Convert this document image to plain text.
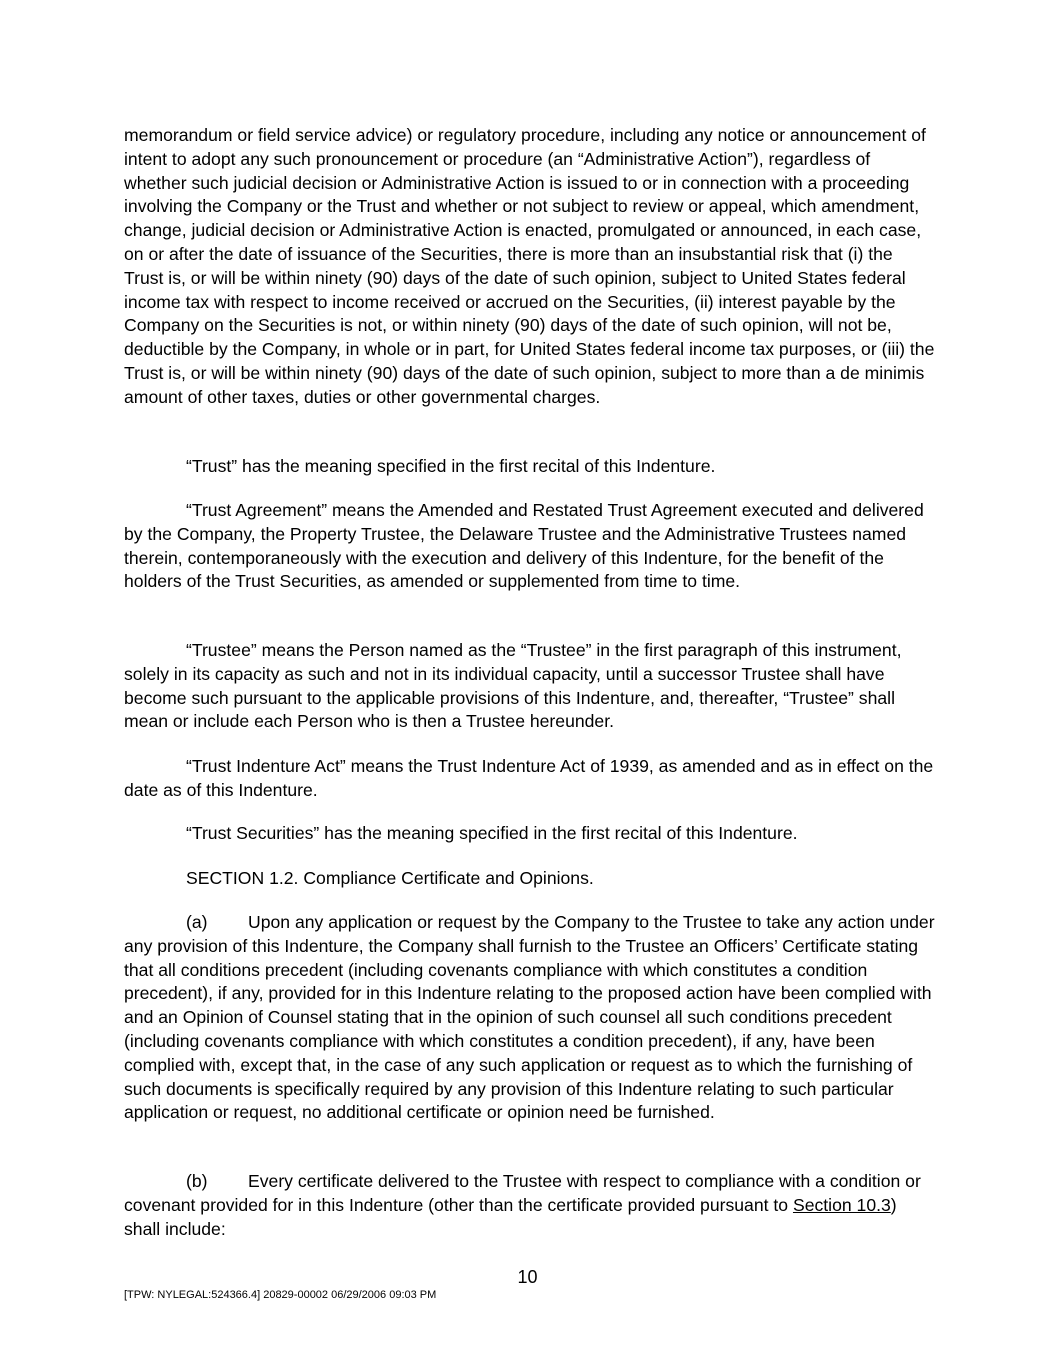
memorandum or field service advice) or regulatory procedure, including any notice or announcement of intent to adopt any such pronouncement or procedure (an “Administrative Action”), regardless of whether such judicial decision or Administrative Action is issued to or in connection with a proceeding involving the Company or the Trust and whether or not subject to review or appeal, which amendment, change, judicial decision or Administrative Action is enacted, promulgated or announced, in each case, on or after the date of issuance of the Securities, there is more than an insubstantial risk that (i) the Trust is, or will be within ninety (90) days of the date of such opinion, subject to United States federal income tax with respect to income received or accrued on the Securities, (ii) interest payable by the Company on the Securities is not, or within ninety (90) days of the date of such opinion, will not be, deductible by the Company, in whole or in part, for United States federal income tax purposes, or (iii) the Trust is, or will be within ninety (90) days of the date of such opinion, subject to more than a de minimis amount of other taxes, duties or other governmental charges.

“Trust” has the meaning specified in the first recital of this Indenture.

“Trust Agreement” means the Amended and Restated Trust Agreement executed and delivered by the Company, the Property Trustee, the Delaware Trustee and the Administrative Trustees named therein, contemporaneously with the execution and delivery of this Indenture, for the benefit of the holders of the Trust Securities, as amended or supplemented from time to time.

“Trustee” means the Person named as the “Trustee” in the first paragraph of this instrument, solely in its capacity as such and not in its individual capacity, until a successor Trustee shall have become such pursuant to the applicable provisions of this Indenture, and, thereafter, “Trustee” shall mean or include each Person who is then a Trustee hereunder.

“Trust Indenture Act” means the Trust Indenture Act of 1939, as amended and as in effect on the date as of this Indenture.

“Trust Securities” has the meaning specified in the first recital of this Indenture.

SECTION 1.2. Compliance Certificate and Opinions.

(a) Upon any application or request by the Company to the Trustee to take any action under any provision of this Indenture, the Company shall furnish to the Trustee an Officers’ Certificate stating that all conditions precedent (including covenants compliance with which constitutes a condition precedent), if any, provided for in this Indenture relating to the proposed action have been complied with and an Opinion of Counsel stating that in the opinion of such counsel all such conditions precedent (including covenants compliance with which constitutes a condition precedent), if any, have been complied with, except that, in the case of any such application or request as to which the furnishing of such documents is specifically required by any provision of this Indenture relating to such particular application or request, no additional certificate or opinion need be furnished.

(b) Every certificate delivered to the Trustee with respect to compliance with a condition or covenant provided for in this Indenture (other than the certificate provided pursuant to Section 10.3) shall include:

10
[TPW: NYLEGAL:524366.4] 20829-00002 06/29/2006 09:03 PM
